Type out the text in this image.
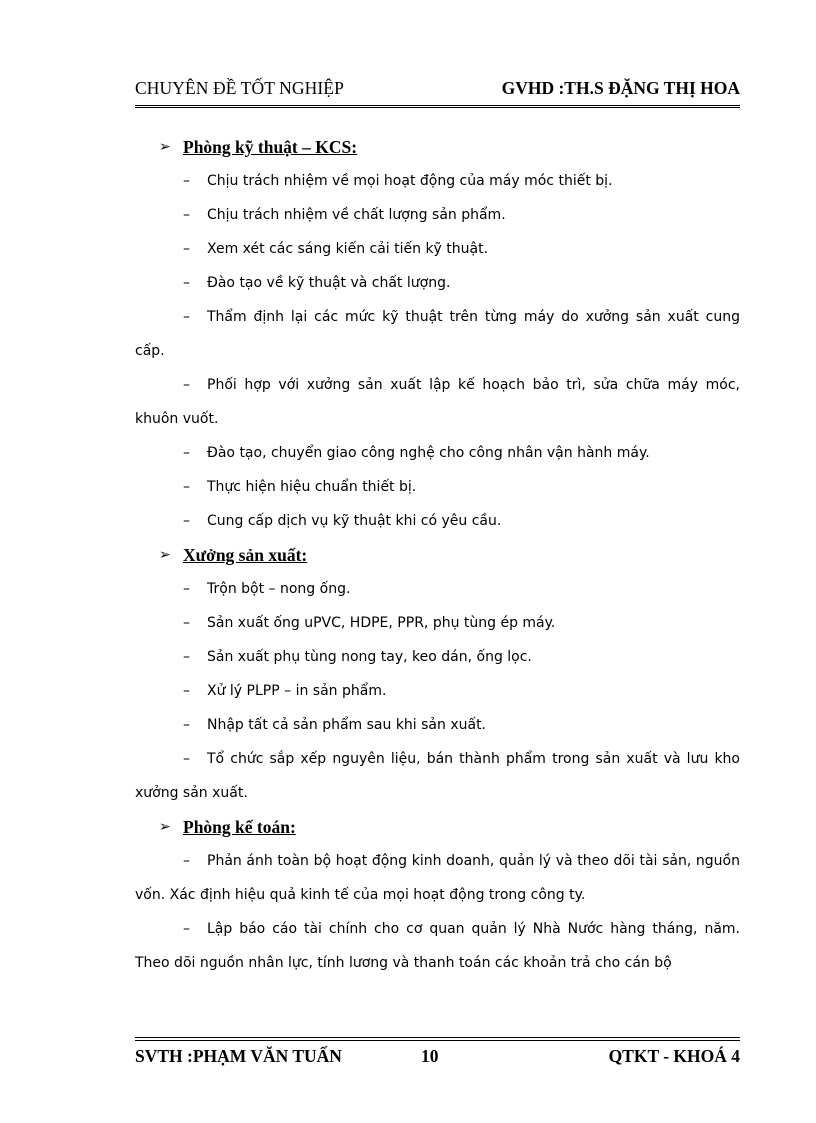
CHUYÊN ĐỀ TỐT NGHIỆP	GVHD :TH.S ĐẶNG THỊ HOA
➢ Phòng kỹ thuật – KCS:
– Chịu trách nhiệm về mọi hoạt động của máy móc thiết bị.
– Chịu trách nhiệm về chất lượng sản phẩm.
– Xem xét các sáng kiến cải tiến kỹ thuật.
– Đào tạo về kỹ thuật và chất lượng.
– Thẩm định lại các mức kỹ thuật trên từng máy do xưởng sản xuất cung cấp.
– Phối hợp với xưởng sản xuất lập kế hoạch bảo trì, sửa chữa máy móc, khuôn vuốt.
– Đào tạo, chuyển giao công nghệ cho công nhân vận hành máy.
– Thực hiện hiệu chuẩn thiết bị.
– Cung cấp dịch vụ kỹ thuật khi có yêu cầu.
➢ Xưởng sản xuất:
– Trộn bột – nong ống.
– Sản xuất ống uPVC, HDPE, PPR, phụ tùng ép máy.
– Sản xuất phụ tùng nong tay, keo dán, ống lọc.
– Xử lý PLPP – in sản phẩm.
– Nhập tất cả sản phẩm sau khi sản xuất.
– Tổ chức sắp xếp nguyên liệu, bán thành phẩm trong sản xuất và lưu kho xưởng sản xuất.
➢ Phòng kế toán:
– Phản ánh toàn bộ hoạt động kinh doanh, quản lý và theo dõi tài sản, nguồn vốn. Xác định hiệu quả kinh tế của mọi hoạt động trong công ty.
– Lập báo cáo tài chính cho cơ quan quản lý Nhà Nước hàng tháng, năm. Theo dõi nguồn nhân lực, tính lương và thanh toán các khoản trả cho cán bộ
SVTH :PHẠM VĂN TUẤN	10	QTKT - KHOÁ 4
